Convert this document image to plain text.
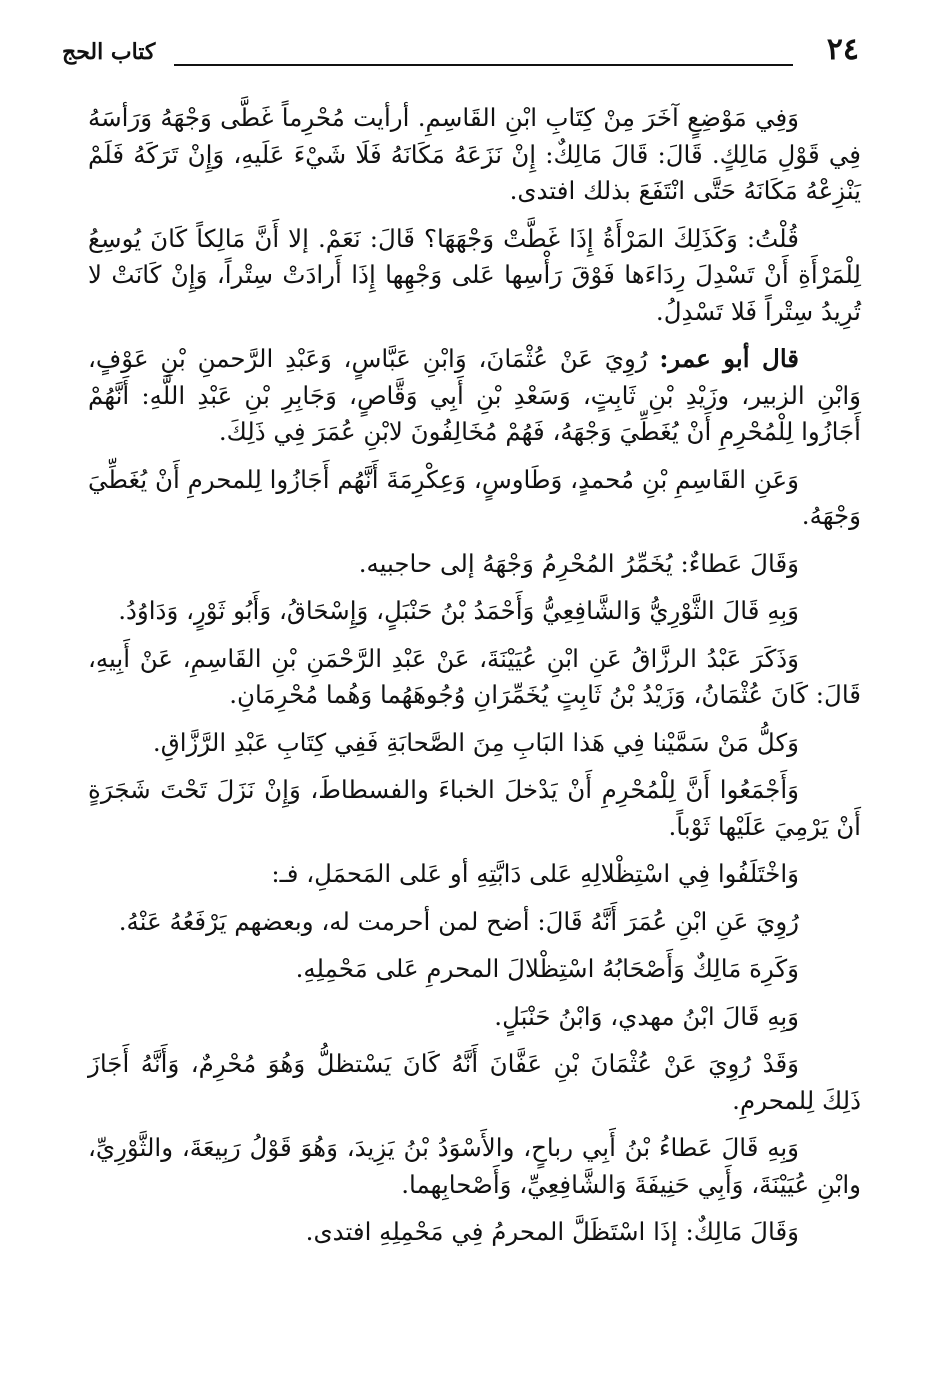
٢٤
كتاب الحج

وَفِي مَوْضِعٍ آخَرَ مِنْ كِتَابِ ابْنِ القَاسِمِ. أرأيت مُحْرِماً غَطَّى وَجْهَهُ وَرَأسَهُ فِي قَوْلِ مَالِكٍ. قَالَ: قَالَ مَالِكٌ: إِنْ نَزَعَهُ مَكَانَهُ فَلَا شَيْءَ عَلَيهِ، وَإِنْ تَرَكَهُ فَلَمْ يَنْزِعْهُ مَكَانَهُ حَتَّى انْتَفَعَ بذلك افتدى.

قُلْتُ: وَكَذَلِكَ المَرْأَةُ إِذَا غَطَّتْ وَجْهَهَا؟ قَالَ: نَعَمْ. إلا أَنَّ مَالِكاً كَانَ يُوسِعُ لِلْمَرْأَةِ أَنْ تَسْدِلَ رِدَاءَها فَوْقَ رَأْسِها عَلى وَجْهِها إِذَا أَرادَتْ سِتْراً، وَإِنْ كَانَتْ لا تُرِيدُ سِتْراً فَلا تَسْدِلُ.

قال أبو عمر: رُوِيَ عَنْ عُثْمَانَ، وَابْنِ عَبَّاسٍ، وَعَبْدِ الرَّحمنِ بْنِ عَوْفٍ، وَابْنِ الزبير، وزَيْدِ بْنِ ثَابِتٍ، وَسَعْدِ بْنِ أَبِي وَقَّاصٍ، وَجَابِرِ بْنِ عَبْدِ اللَّهِ: أَنَّهُمْ أَجَازُوا لِلْمُحْرِمِ أَنْ يُغَطِّيَ وَجْهَهُ، فَهُمْ مُخَالِفُونَ لابْنِ عُمَرَ فِي ذَلِكَ.

وَعَنِ القَاسِمِ بْنِ مُحمدٍ، وَطَاوسٍ، وَعِكْرِمَةَ أَنَّهُم أَجَازُوا لِلمحرمِ أَنْ يُغَطِّيَ وَجْهَهُ.

وَقَالَ عَطاءٌ: يُخَمِّرُ المُحْرِمُ وَجْهَهُ إلى حاجبيه.

وَبِهِ قَالَ الثَّوْرِيُّ وَالشَّافِعِيُّ وَأَحْمَدُ بْنُ حَنْبَلٍ، وَإِسْحَاقُ، وَأَبُو ثَوْرٍ، وَدَاوُدُ.

وَذَكَرَ عَبْدُ الرزَّاقُ عَنِ ابْنِ عُيَيْنَةَ، عَنْ عَبْدِ الرَّحْمَنِ بْنِ القَاسِمِ، عَنْ أَبِيهِ، قَالَ: كَانَ عُثْمَانُ، وَزَيْدُ بْنُ ثَابِتٍ يُخَمِّرَانِ وُجُوهَهُما وَهُما مُحْرِمَانِ.

وَكلُّ مَنْ سَمَّيْنا فِي هَذا البَابِ مِنَ الصَّحابَةِ فَفِي كِتَابِ عَبْدِ الرَّزَّاقِ.

وَأَجْمَعُوا أَنَّ لِلْمُحْرِمِ أَنْ يَدْخلَ الخباءَ والفسطاطَ، وَإِنْ نَزَلَ تَحْتَ شَجَرَةٍ أَنْ يَرْمِيَ عَلَيْها ثَوْباً.

وَاخْتَلَفُوا فِي اسْتِظْلالِهِ عَلى دَابَّتِهِ أو عَلى المَحمَلِ، فـ:

رُوِيَ عَنِ ابْنِ عُمَرَ أَنَّهُ قَالَ: أضح لمن أحرمت له، وبعضهم يَرْفَعُهُ عَنْهُ.

وَكَرِهَ مَالِكٌ وَأَصْحَابُهُ اسْتِظْلالَ المحرمِ عَلى مَحْمِلِهِ.

وَبِهِ قَالَ ابْنُ مهدي، وَابْنُ حَنْبَلٍ.

وَقَدْ رُوِيَ عَنْ عُثْمَانَ بْنِ عَفَّانَ أَنَّهُ كَانَ يَسْتظلُّ وَهُوَ مُحْرِمٌ، وَأَنَّهُ أَجَازَ ذَلِكَ لِلمحرمِ.

وَبِهِ قَالَ عَطاءُ بْنُ أَبِي رباحٍ، والأَسْوَدُ بْنُ يَزِيدَ، وَهُوَ قَوْلُ رَبِيعَةَ، والثَّوْرِيِّ، وابْنِ عُيَيْنَةَ، وَأَبِي حَنِيفَةَ وَالشَّافِعِيِّ، وَأَصْحابِهما.

وَقَالَ مَالِكٌ: إذَا اسْتَظَلَّ المحرمُ فِي مَحْمِلِهِ افتدى.
